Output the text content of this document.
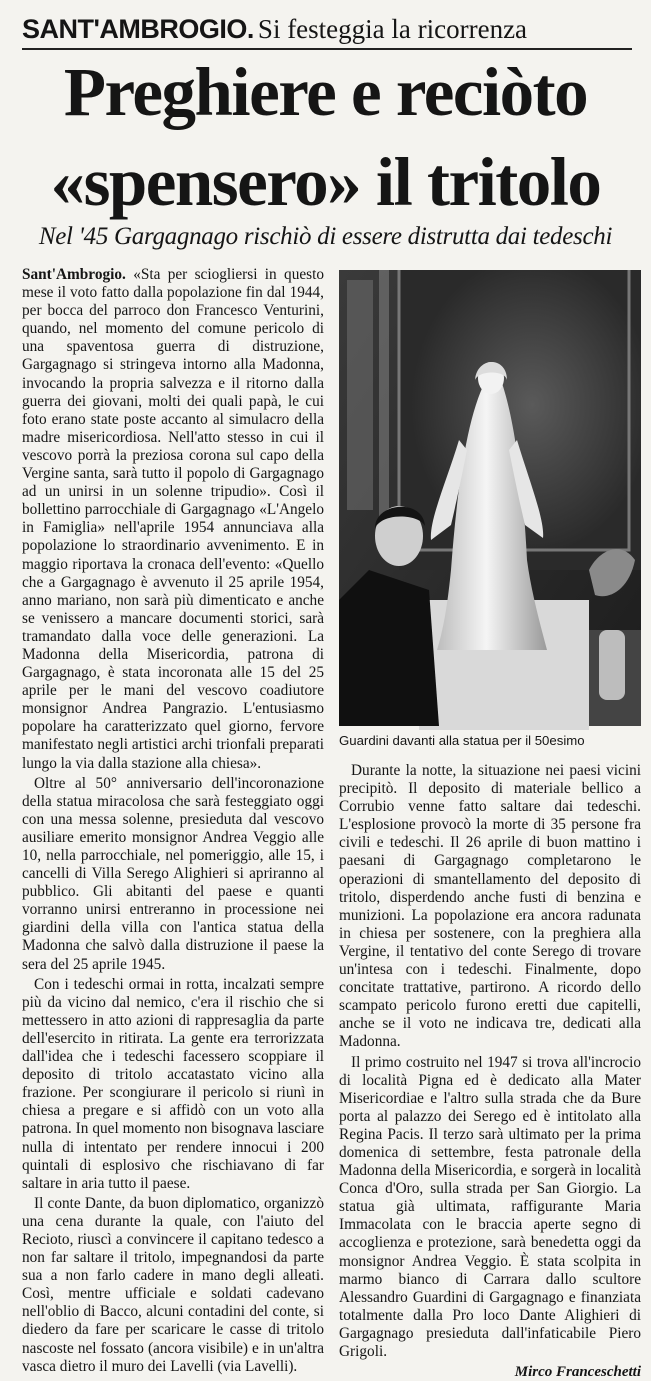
SANT'AMBROGIO. Si festeggia la ricorrenza
Preghiere e reciòto
«spensero» il tritolo
Nel '45 Gargagnago rischiò di essere distrutta dai tedeschi

Sant'Ambrogio. «Sta per sciogliersi in questo mese il voto fatto dalla popolazione fin dal 1944, per bocca del parroco don Francesco Venturini, quando, nel momento del comune pericolo di una spaventosa guerra di distruzione, Gargagnago si stringeva intorno alla Madonna, invocando la propria salvezza e il ritorno dalla guerra dei giovani, molti dei quali papà, le cui foto erano state poste accanto al simulacro della madre misericordiosa. Nell'atto stesso in cui il vescovo porrà la preziosa corona sul capo della Vergine santa, sarà tutto il popolo di Gargagnago ad un unirsi in un solenne tripudio». Così il bollettino parrocchiale di Gargagnago «L'Angelo in Famiglia» nell'aprile 1954 annunciava alla popolazione lo straordinario avvenimento. E in maggio riportava la cronaca dell'evento: «Quello che a Gargagnago è avvenuto il 25 aprile 1954, anno mariano, non sarà più dimenticato e anche se venissero a mancare documenti storici, sarà tramandato dalla voce delle generazioni. La Madonna della Misericordia, patrona di Gargagnago, è stata incoronata alle 15 del 25 aprile per le mani del vescovo coadiutore monsignor Andrea Pangrazio. L'entusiasmo popolare ha caratterizzato quel giorno, fervore manifestato negli artistici archi trionfali preparati lungo la via dalla stazione alla chiesa».

Oltre al 50° anniversario dell'incoronazione della statua miracolosa che sarà festeggiato oggi con una messa solenne, presieduta dal vescovo ausiliare emerito monsignor Andrea Veggio alle 10, nella parrocchiale, nel pomeriggio, alle 15, i cancelli di Villa Serego Alighieri si apriranno al pubblico. Gli abitanti del paese e quanti vorranno unirsi entreranno in processione nei giardini della villa con l'antica statua della Madonna che salvò dalla distruzione il paese la sera del 25 aprile 1945.

Con i tedeschi ormai in rotta, incalzati sempre più da vicino dal nemico, c'era il rischio che si mettessero in atto azioni di rappresaglia da parte dell'esercito in ritirata. La gente era terrorizzata dall'idea che i tedeschi facessero scoppiare il deposito di tritolo accatastato vicino alla frazione. Per scongiurare il pericolo si riunì in chiesa a pregare e si affidò con un voto alla patrona. In quel momento non bisognava lasciare nulla di intentato per rendere innocui i 200 quintali di esplosivo che rischiavano di far saltare in aria tutto il paese.

Il conte Dante, da buon diplomatico, organizzò una cena durante la quale, con l'aiuto del Recioto, riuscì a convincere il capitano tedesco a non far saltare il tritolo, impegnandosi da parte sua a non farlo cadere in mano degli alleati. Così, mentre ufficiale e soldati cadevano nell'oblio di Bacco, alcuni contadini del conte, si diedero da fare per scaricare le casse di tritolo nascoste nel fossato (ancora visibile) e in un'altra vasca dietro il muro dei Lavelli (via Lavelli).

Guardini davanti alla statua per il 50esimo

Durante la notte, la situazione nei paesi vicini precipitò. Il deposito di materiale bellico a Corrubio venne fatto saltare dai tedeschi. L'esplosione provocò la morte di 35 persone fra civili e tedeschi. Il 26 aprile di buon mattino i paesani di Gargagnago completarono le operazioni di smantellamento del deposito di tritolo, disperdendo anche fusti di benzina e munizioni. La popolazione era ancora radunata in chiesa per sostenere, con la preghiera alla Vergine, il tentativo del conte Serego di trovare un'intesa con i tedeschi. Finalmente, dopo concitate trattative, partirono. A ricordo dello scampato pericolo furono eretti due capitelli, anche se il voto ne indicava tre, dedicati alla Madonna.

Il primo costruito nel 1947 si trova all'incrocio di località Pigna ed è dedicato alla Mater Misericordiae e l'altro sulla strada che da Bure porta al palazzo dei Serego ed è intitolato alla Regina Pacis. Il terzo sarà ultimato per la prima domenica di settembre, festa patronale della Madonna della Misericordia, e sorgerà in località Conca d'Oro, sulla strada per San Giorgio. La statua già ultimata, raffigurante Maria Immacolata con le braccia aperte segno di accoglienza e protezione, sarà benedetta oggi da monsignor Andrea Veggio. È stata scolpita in marmo bianco di Carrara dallo scultore Alessandro Guardini di Gargagnago e finanziata totalmente dalla Pro loco Dante Alighieri di Gargagnago presieduta dall'infaticabile Piero Grigoli.

Mirco Franceschetti
